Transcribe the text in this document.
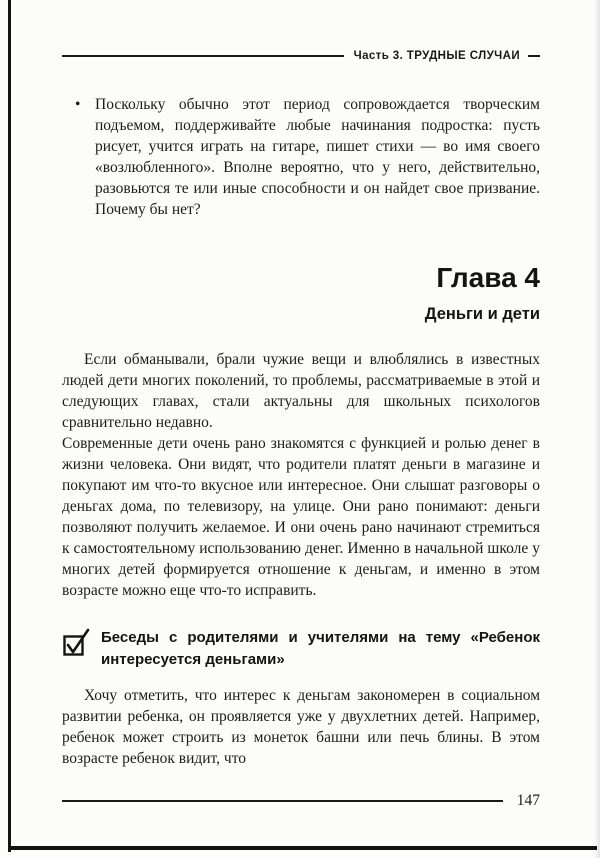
Часть 3. ТРУДНЫЕ СЛУЧАИ
• Поскольку обычно этот период сопровождается творческим подъемом, поддерживайте любые начинания подростка: пусть рисует, учится играть на гитаре, пишет стихи — во имя своего «возлюбленного». Вполне вероятно, что у него, действительно, разовьются те или иные способности и он найдет свое призвание. Почему бы нет?
Глава 4
Деньги и дети

Если обманывали, брали чужие вещи и влюблялись в известных людей дети многих поколений, то проблемы, рассматриваемые в этой и следующих главах, стали актуальны для школьных психологов сравнительно недавно.

Современные дети очень рано знакомятся с функцией и ролью денег в жизни человека. Они видят, что родители платят деньги в магазине и покупают им что-то вкусное или интересное. Они слышат разговоры о деньгах дома, по телевизору, на улице. Они рано понимают: деньги позволяют получить желаемое. И они очень рано начинают стремиться к самостоятельному использованию денег. Именно в начальной школе у многих детей формируется отношение к деньгам, и именно в этом возрасте можно еще что-то исправить.

Беседы с родителями и учителями на тему «Ребенок интересуется деньгами»

Хочу отметить, что интерес к деньгам закономерен в социальном развитии ребенка, он проявляется уже у двухлетних детей. Например, ребенок может строить из монеток башни или печь блины. В этом возрасте ребенок видит, что

147
